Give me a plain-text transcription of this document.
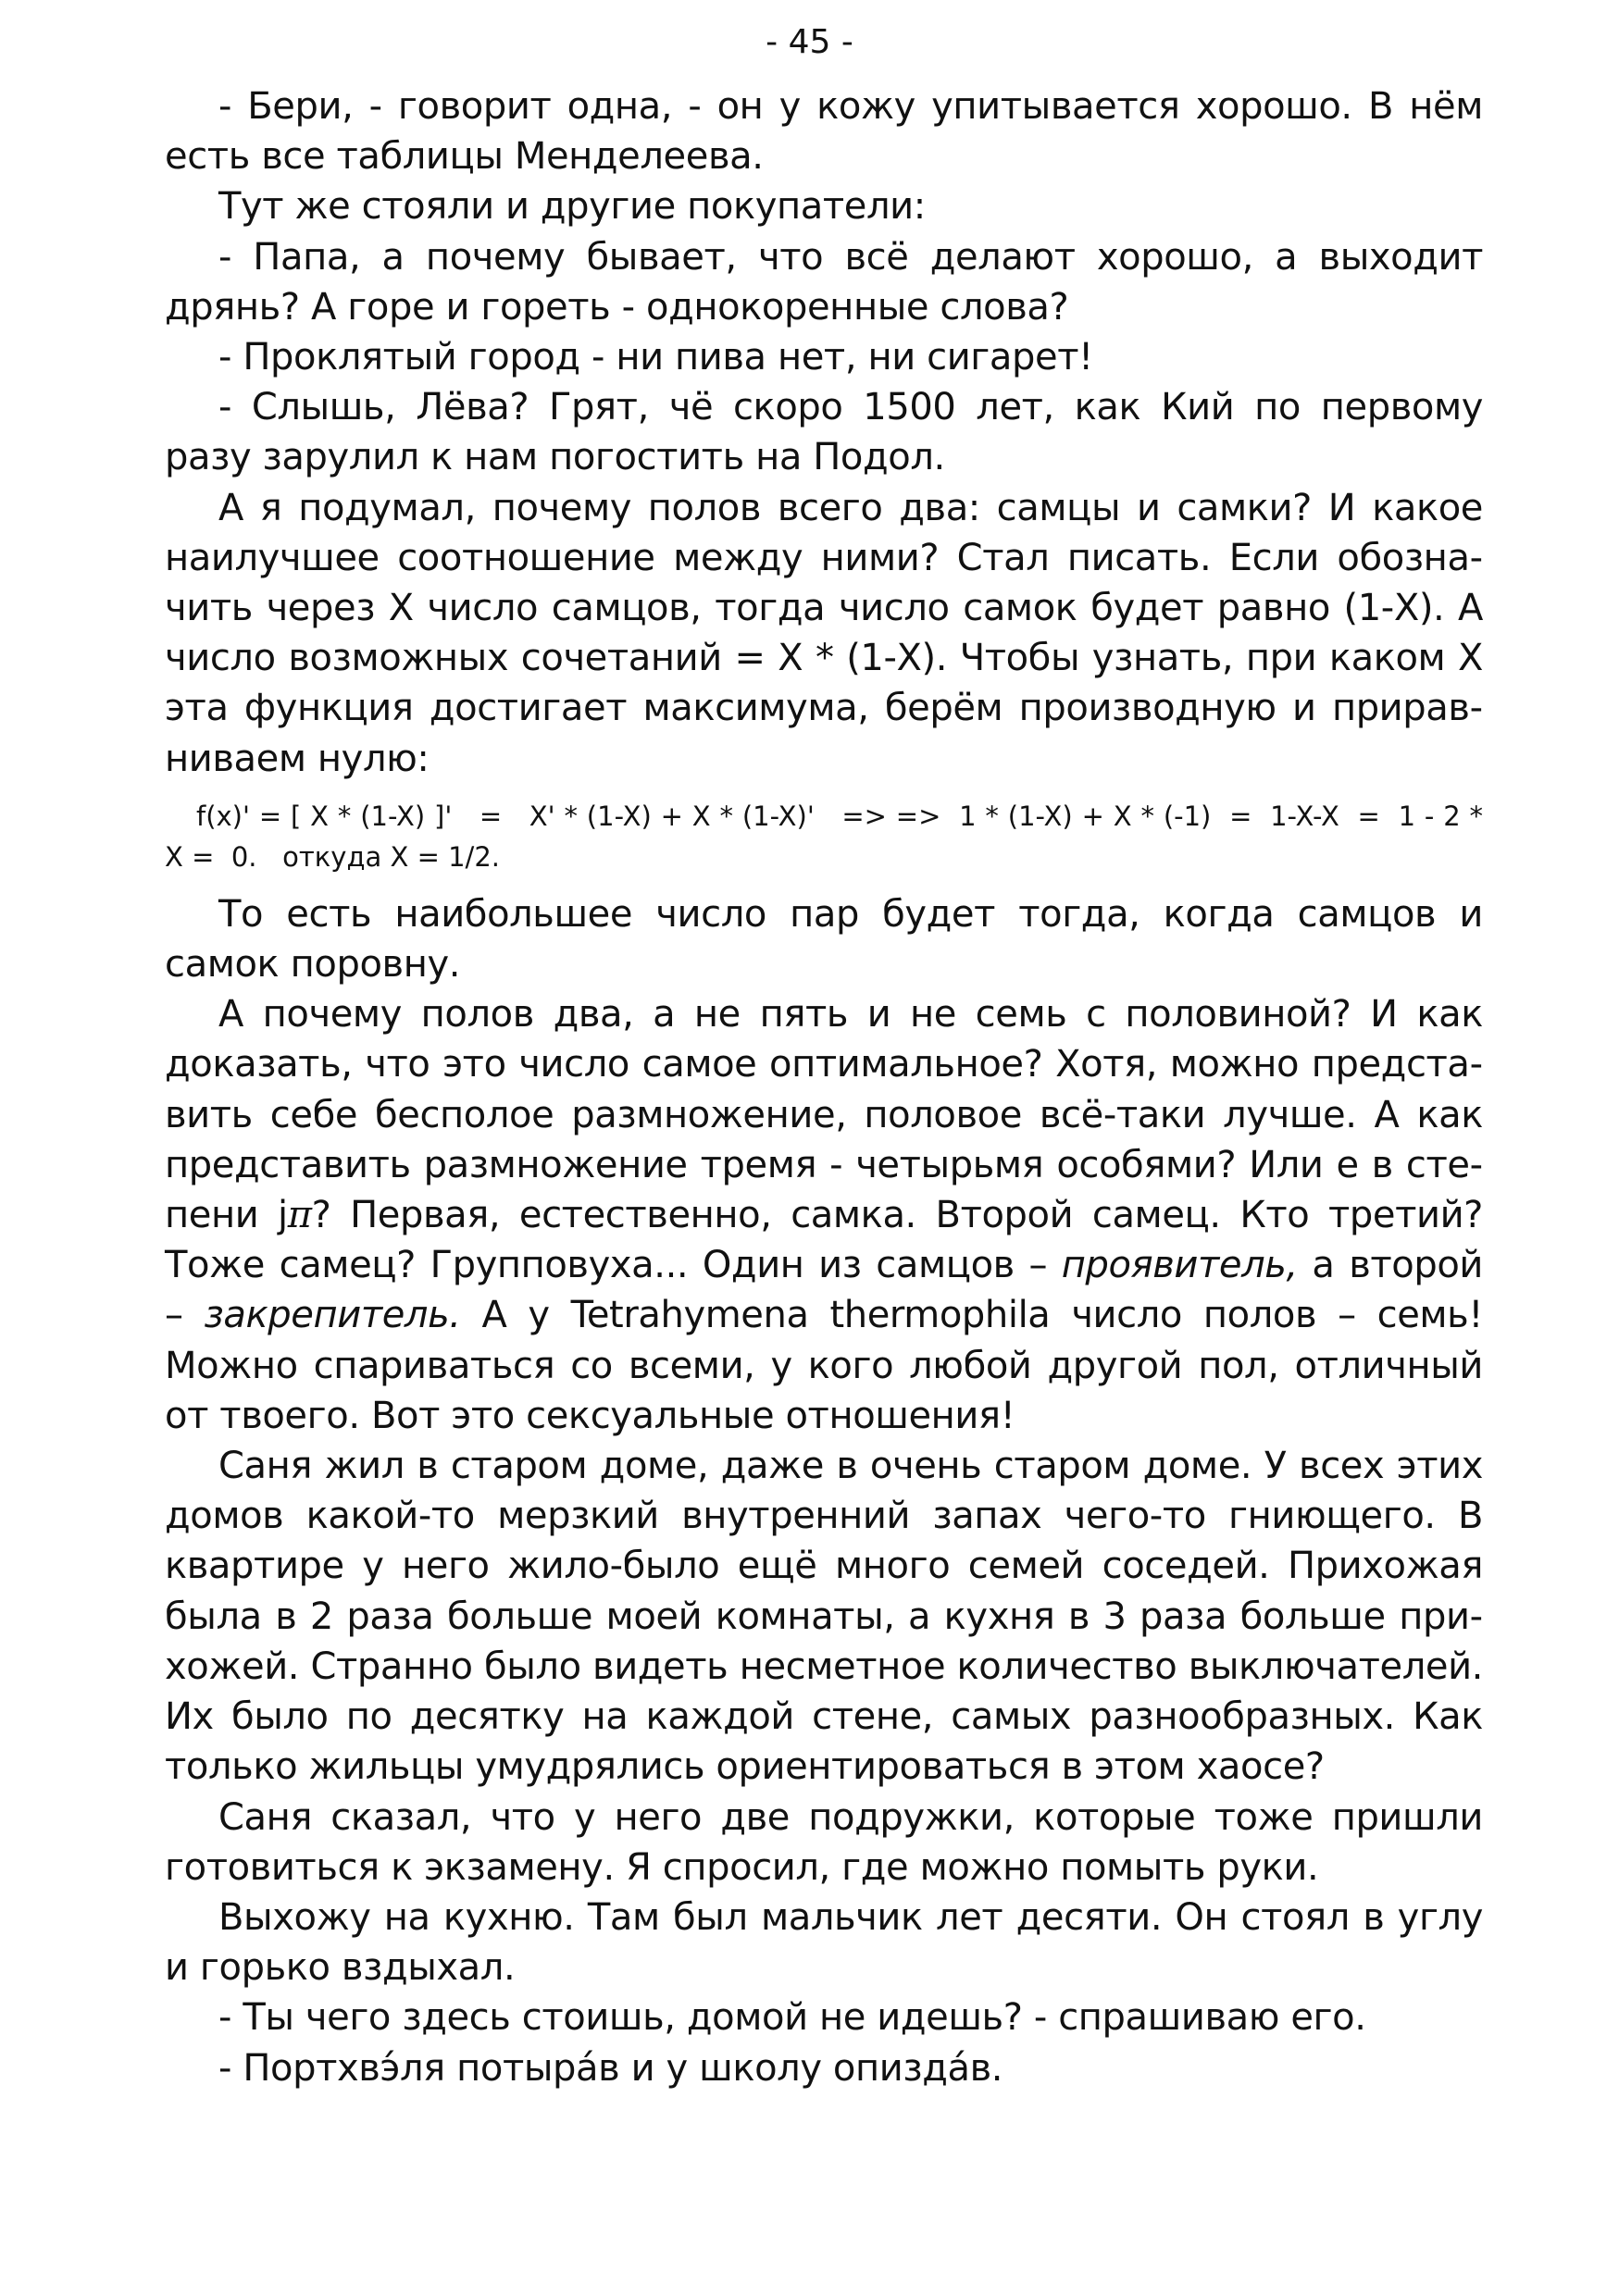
- 45 -

- Бери, - говорит одна, - он у кожу упитывается хорошо. В нём есть все таблицы Менделеева.

Тут же стояли и другие покупатели:

- Папа, а почему бывает, что всё делают хорошо, а выходит дрянь? А горе и гореть - однокоренные слова?

- Проклятый город - ни пива нет, ни сигарет!

- Слышь, Лёва? Грят, чё скоро 1500 лет, как Кий по первому разу зарулил к нам погостить на Подол.

А я подумал, почему полов всего два: самцы и самки? И какое наилучшее соотношение между ними? Стал писать. Если обозначить через Х число самцов, тогда число самок будет равно (1-Х). А число возможных сочетаний = Х * (1-Х). Чтобы узнать, при каком Х эта функция достигает максимума, берём производную и приравниваем нулю:

f(x)' = [ X * (1-X) ]'   =   X' * (1-X) + X * (1-X)'   => =>  1 * (1-X) + X * (-1)  =  1-X-X  =  1 - 2 * X =  0.   откуда X = 1/2.

То есть наибольшее число пар будет тогда, когда самцов и самок поровну.

А почему полов два, а не пять и не семь с половиной? И как доказать, что это число самое оптимальное? Хотя, можно представить себе бесполое размножение, половое всё-таки лучше. А как представить размножение тремя - четырьмя особями? Или е в степени jπ? Первая, естественно, самка. Второй самец. Кто третий? Тоже самец? Групповуха... Один из самцов – проявитель, а второй – закрепитель. А у Tetrahymena thermophila число полов – семь! Можно спариваться со всеми, у кого любой другой пол, отличный от твоего. Вот это сексуальные отношения!

Саня жил в старом доме, даже в очень старом доме. У всех этих домов какой-то мерзкий внутренний запах чего-то гниющего. В квартире у него жило-было ещё много семей соседей. Прихожая была в 2 раза больше моей комнаты, а кухня в 3 раза больше прихожей. Странно было видеть несметное количество выключателей. Их было по десятку на каждой стене, самых разнообразных. Как только жильцы умудрялись ориентироваться в этом хаосе?

Саня сказал, что у него две подружки, которые тоже пришли готовиться к экзамену. Я спросил, где можно помыть руки.

Выхожу на кухню. Там был мальчик лет десяти. Он стоял в углу и горько вздыхал.

- Ты чего здесь стоишь, домой не идешь? - спрашиваю его.

- Портхвэ́ля потыра́в и у школу опизда́в.
